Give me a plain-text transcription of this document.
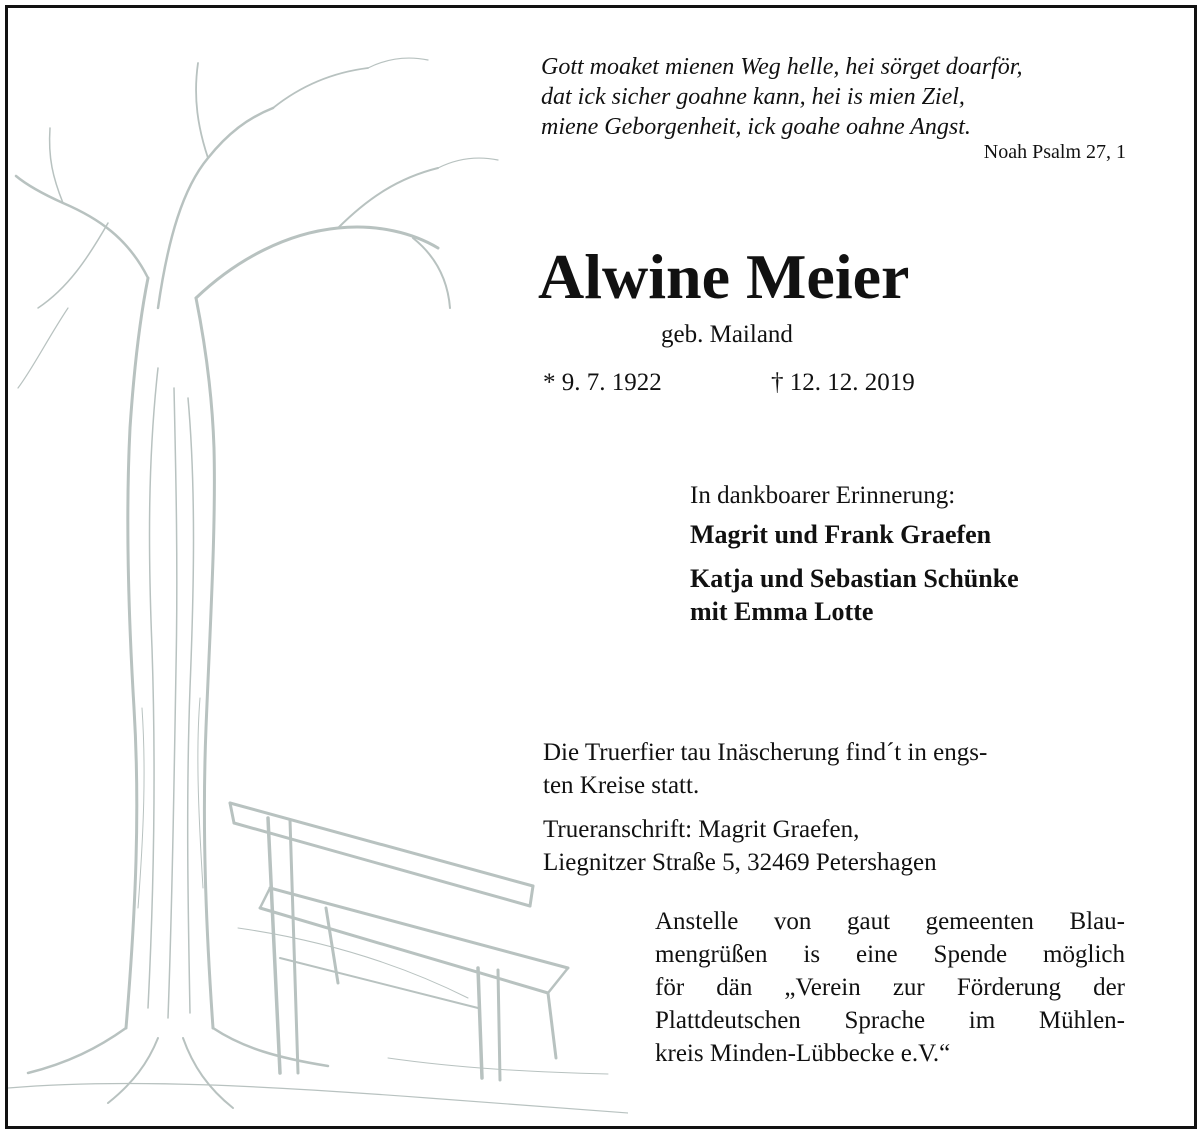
Gott moaket mienen Weg helle, hei sörget doarför,
dat ick sicher goahne kann, hei is mien Ziel,
miene Geborgenheit, ick goahe oahne Angst.
Noah Psalm 27, 1
Alwine Meier
geb. Mailand
* 9. 7. 1922	† 12. 12. 2019
In dankboarer Erinnerung:
Magrit und Frank Graefen
Katja und Sebastian Schünke
mit Emma Lotte
Die Truerfier tau Inäscherung find´t in engs-
ten Kreise statt.
Trueranschrift: Magrit Graefen,
Liegnitzer Straße 5, 32469 Petershagen
Anstelle von gaut gemeenten Blau-
mengrüßen is eine Spende möglich
för dän „Verein zur Förderung der
Plattdeutschen Sprache im Mühlen-
kreis Minden-Lübbecke e.V.“
